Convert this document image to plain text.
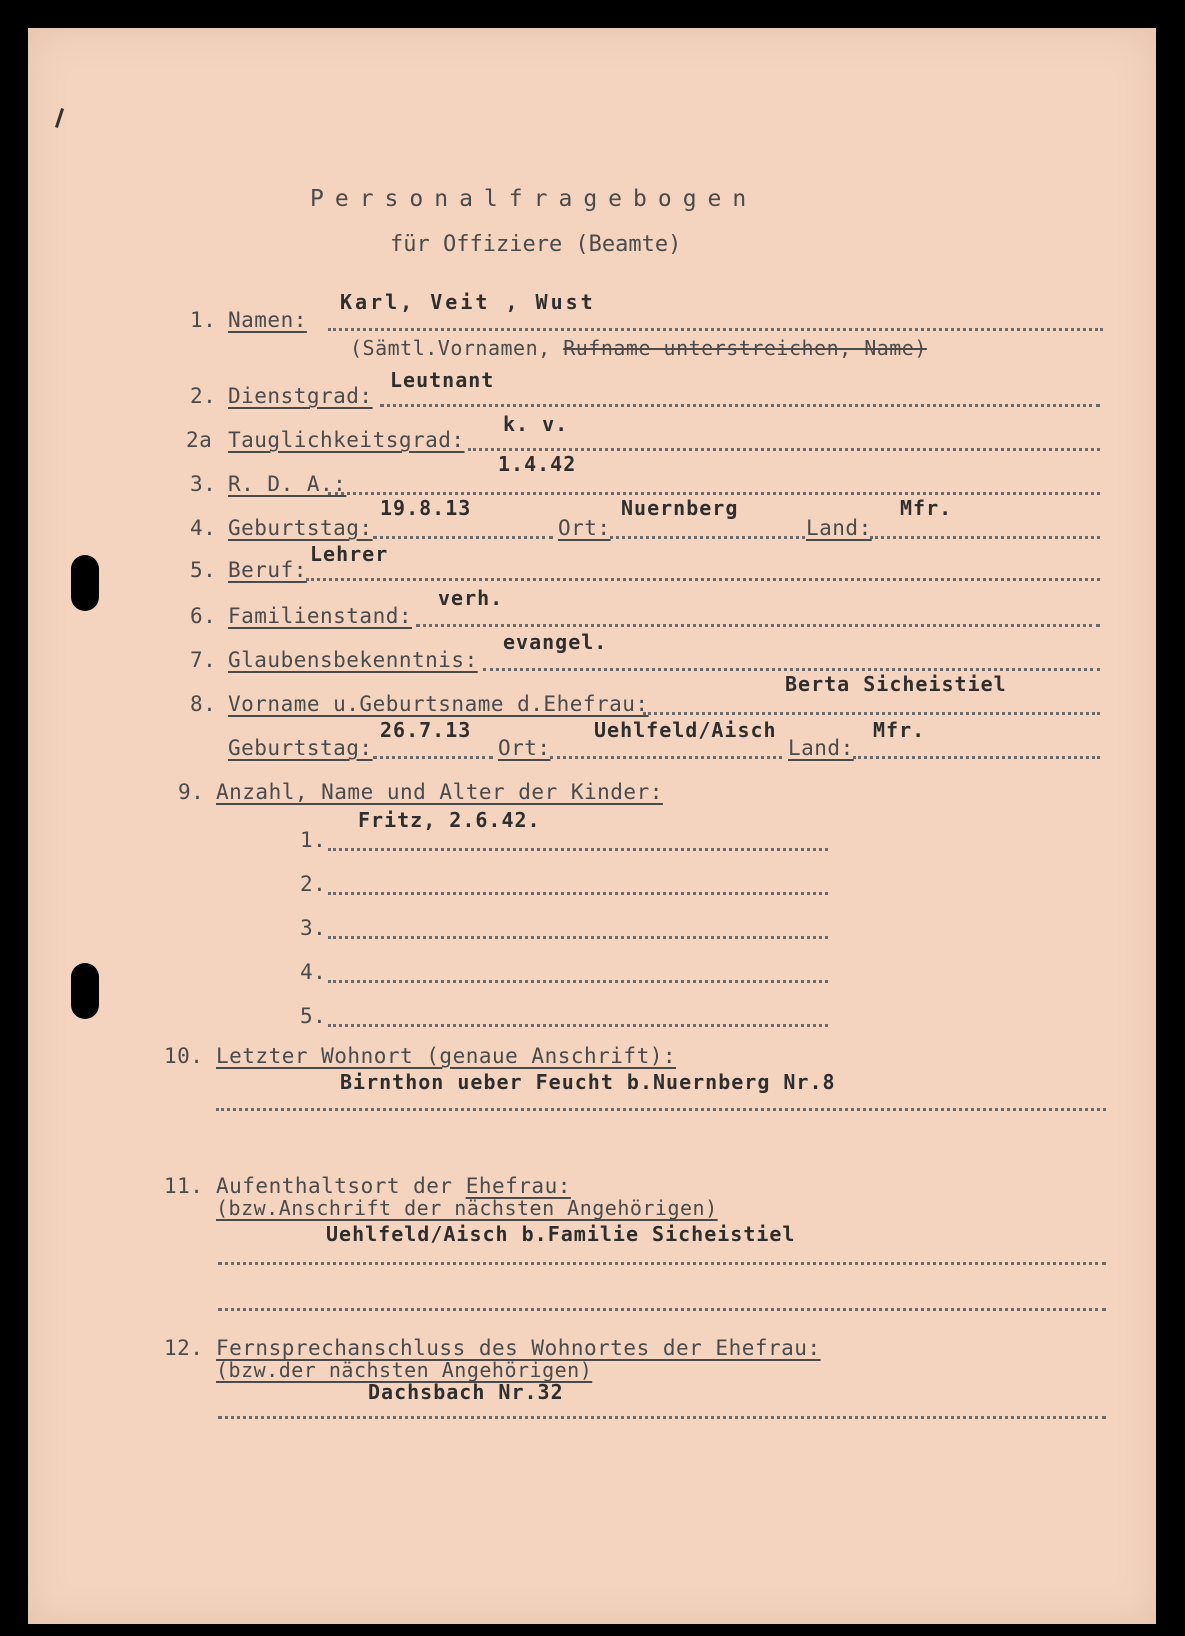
Personalfragebogen
für Offiziere (Beamte)
Karl, Veit , Wust
1. Namen:
(Sämtl.Vornamen, Rufname unterstreichen, Name)
Leutnant
2. Dienstgrad:
k. v.
2a Tauglichkeitsgrad:
1.4.42
3. R. D. A.:
19.8.13	Nuernberg	Mfr.
4. Geburtstag:	Ort:	Land:
Lehrer
5. Beruf:
verh.
6. Familienstand:
evangel.
7. Glaubensbekenntnis:
Berta Sicheistiel
8. Vorname u.Geburtsname d.Ehefrau:
26.7.13	Uehlfeld/Aisch	Mfr.
Geburtstag:	Ort:	Land:
9. Anzahl, Name und Alter der Kinder:
Fritz, 2.6.42.
1.
2.
3.
4.
5.
10. Letzter Wohnort (genaue Anschrift):
Birnthon ueber Feucht b.Nuernberg Nr.8
11. Aufenthaltsort der Ehefrau:
(bzw.Anschrift der nächsten Angehörigen)
Uehlfeld/Aisch b.Familie Sicheistiel
12. Fernsprechanschluss des Wohnortes der Ehefrau:
(bzw.der nächsten Angehörigen)
Dachsbach Nr.32
